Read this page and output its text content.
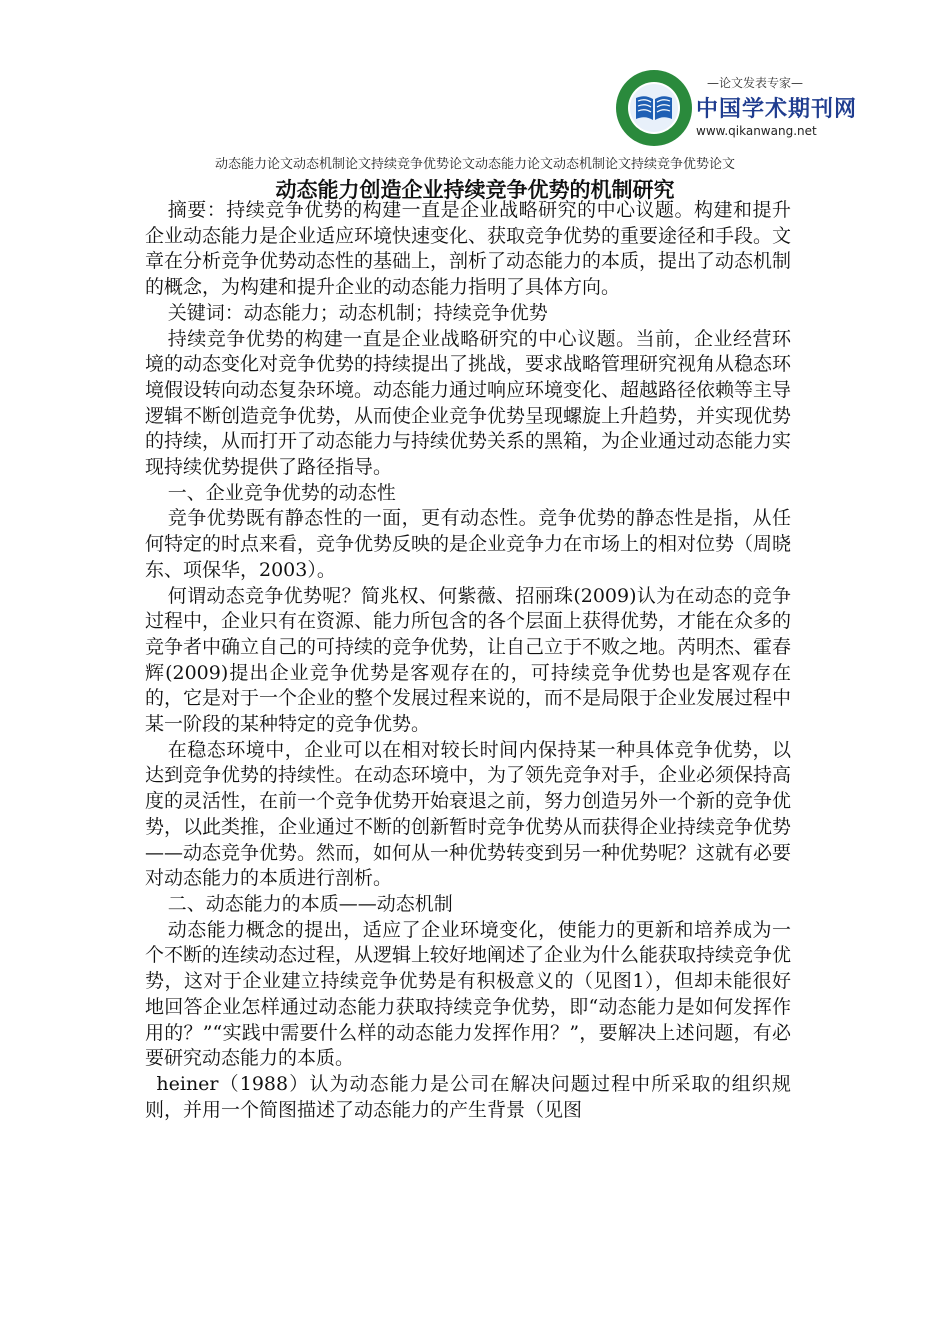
—论文发表专家—
中国学术期刊网
www.qikanwang.net
动态能力论文动态机制论文持续竞争优势论文动态能力论文动态机制论文持续竞争优势论文
动态能力创造企业持续竞争优势的机制研究

摘要：持续竞争优势的构建一直是企业战略研究的中心议题。构建和提升企业动态能力是企业适应环境快速变化、获取竞争优势的重要途径和手段。文章在分析竞争优势动态性的基础上，剖析了动态能力的本质，提出了动态机制的概念，为构建和提升企业的动态能力指明了具体方向。

关键词：动态能力；动态机制；持续竞争优势

持续竞争优势的构建一直是企业战略研究的中心议题。当前，企业经营环境的动态变化对竞争优势的持续提出了挑战，要求战略管理研究视角从稳态环境假设转向动态复杂环境。动态能力通过响应环境变化、超越路径依赖等主导逻辑不断创造竞争优势，从而使企业竞争优势呈现螺旋上升趋势，并实现优势的持续，从而打开了动态能力与持续优势关系的黑箱，为企业通过动态能力实现持续优势提供了路径指导。

一、企业竞争优势的动态性

竞争优势既有静态性的一面，更有动态性。竞争优势的静态性是指，从任何特定的时点来看，竞争优势反映的是企业竞争力在市场上的相对位势（周晓东、项保华，2003）。

何谓动态竞争优势呢？简兆权、何紫薇、招丽珠(2009)认为在动态的竞争过程中，企业只有在资源、能力所包含的各个层面上获得优势，才能在众多的竞争者中确立自己的可持续的竞争优势，让自己立于不败之地。芮明杰、霍春辉(2009)提出企业竞争优势是客观存在的，可持续竞争优势也是客观存在的，它是对于一个企业的整个发展过程来说的，而不是局限于企业发展过程中某一阶段的某种特定的竞争优势。

在稳态环境中，企业可以在相对较长时间内保持某一种具体竞争优势，以达到竞争优势的持续性。在动态环境中，为了领先竞争对手，企业必须保持高度的灵活性，在前一个竞争优势开始衰退之前，努力创造另外一个新的竞争优势，以此类推，企业通过不断的创新暂时竞争优势从而获得企业持续竞争优势——动态竞争优势。然而，如何从一种优势转变到另一种优势呢？这就有必要对动态能力的本质进行剖析。

二、动态能力的本质——动态机制

动态能力概念的提出，适应了企业环境变化，使能力的更新和培养成为一个不断的连续动态过程，从逻辑上较好地阐述了企业为什么能获取持续竞争优势，这对于企业建立持续竞争优势是有积极意义的（见图1），但却未能很好地回答企业怎样通过动态能力获取持续竞争优势，即“动态能力是如何发挥作用的？”“实践中需要什么样的动态能力发挥作用？”，要解决上述问题，有必要研究动态能力的本质。

heiner（1988）认为动态能力是公司在解决问题过程中所采取的组织规则，并用一个简图描述了动态能力的产生背景（见图
